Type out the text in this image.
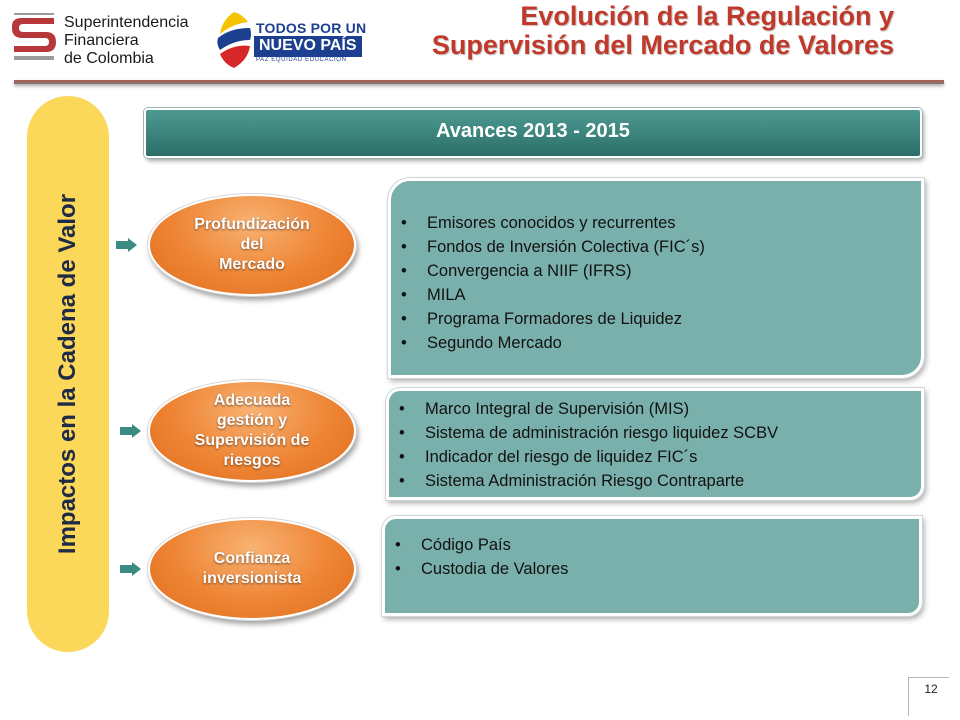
Superintendencia
Financiera
de Colombia
TODOS POR UN
NUEVO PAÍS
PAZ EQUIDAD EDUCACIÓN
Evolución de la Regulación y
Supervisión del Mercado de Valores
Impactos en la Cadena de Valor
Avances 2013 - 2015
Profundización
del
Mercado
• Emisores conocidos y recurrentes
• Fondos de Inversión Colectiva (FIC´s)
• Convergencia a NIIF (IFRS)
• MILA
• Programa Formadores de Liquidez
• Segundo Mercado
Adecuada
gestión y
Supervisión de
riesgos
• Marco Integral de Supervisión (MIS)
• Sistema de administración riesgo liquidez SCBV
• Indicador del riesgo de liquidez FIC´s
• Sistema Administración Riesgo Contraparte
Confianza
inversionista
• Código País
• Custodia de Valores
12
